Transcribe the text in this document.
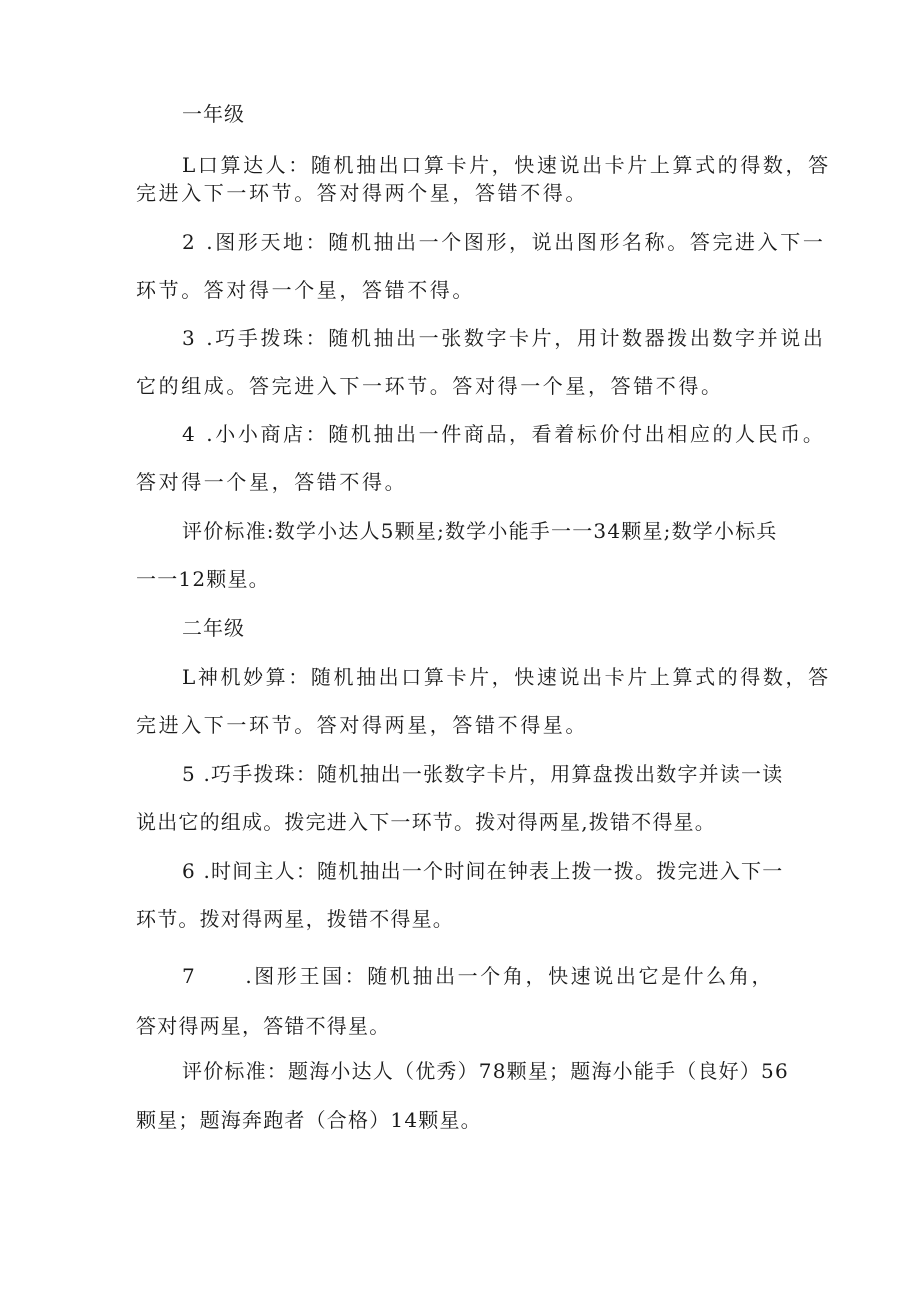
一年级
L口算达人：随机抽出口算卡片，快速说出卡片上算式的得数，答
完进入下一环节。答对得两个星，答错不得。
2 .图形天地：随机抽出一个图形，说出图形名称。答完进入下一
环节。答对得一个星，答错不得。
3 .巧手拨珠：随机抽出一张数字卡片，用计数器拨出数字并说出
它的组成。答完进入下一环节。答对得一个星，答错不得。
4 .小小商店：随机抽出一件商品，看着标价付出相应的人民币。
答对得一个星，答错不得。
评价标准:数学小达人5颗星;数学小能手一一34颗星;数学小标兵
一一12颗星。
二年级
L神机妙算：随机抽出口算卡片，快速说出卡片上算式的得数，答
完进入下一环节。答对得两星，答错不得星。
5 .巧手拨珠：随机抽出一张数字卡片，用算盘拨出数字并读一读
说出它的组成。拨完进入下一环节。拨对得两星,拨错不得星。
6 .时间主人：随机抽出一个时间在钟表上拨一拨。拨完进入下一
环节。拨对得两星，拨错不得星。
7 .图形王国：随机抽出一个角，快速说出它是什么角，
答对得两星，答错不得星。
评价标准：题海小达人（优秀）78颗星；题海小能手（良好）56
颗星；题海奔跑者（合格）14颗星。
